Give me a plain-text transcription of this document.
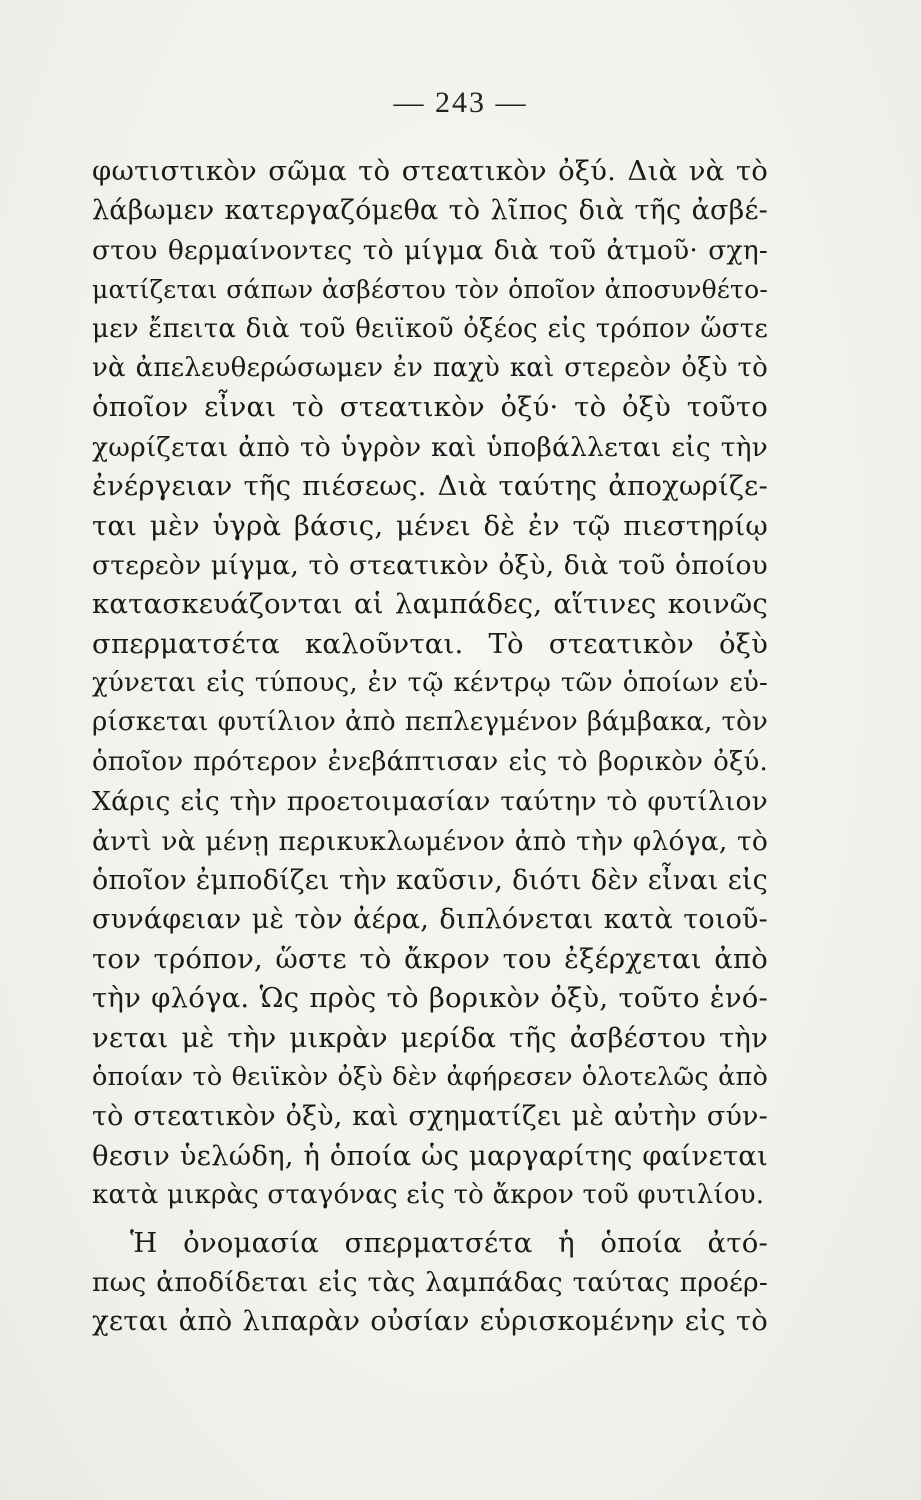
— 243 —
φωτιστικὸν σῶμα τὸ στεατικὸν ὀξύ. Διὰ νὰ τὸ
λάβωμεν κατεργαζόμεθα τὸ λῖπος διὰ τῆς ἀσβέ-
στου θερμαίνοντες τὸ μίγμα διὰ τοῦ ἀτμοῦ· σχη-
ματίζεται σάπων ἀσβέστου τὸν ὁποῖον ἀποσυνθέτο-
μεν ἔπειτα διὰ τοῦ θειϊκοῦ ὀξέος εἰς τρόπον ὥστε
νὰ ἀπελευθερώσωμεν ἐν παχὺ καὶ στερεὸν ὀξὺ τὸ
ὁποῖον εἶναι τὸ στεατικὸν ὀξύ· τὸ ὀξὺ τοῦτο
χωρίζεται ἀπὸ τὸ ὑγρὸν καὶ ὑποβάλλεται εἰς τὴν
ἐνέργειαν τῆς πιέσεως. Διὰ ταύτης ἀποχωρίζε-
ται μὲν ὑγρὰ βάσις, μένει δὲ ἐν τῷ πιεστηρίῳ
στερεὸν μίγμα, τὸ στεατικὸν ὀξὺ, διὰ τοῦ ὁποίου
κατασκευάζονται αἱ λαμπάδες, αἵτινες κοινῶς
σπερματσέτα καλοῦνται. Τὸ στεατικὸν ὀξὺ
χύνεται εἰς τύπους, ἐν τῷ κέντρῳ τῶν ὁποίων εὑ-
ρίσκεται φυτίλιον ἀπὸ πεπλεγμένον βάμβακα, τὸν
ὁποῖον πρότερον ἐνεβάπτισαν εἰς τὸ βορικὸν ὀξύ.
Χάρις εἰς τὴν προετοιμασίαν ταύτην τὸ φυτίλιον
ἀντὶ νὰ μένῃ περικυκλωμένον ἀπὸ τὴν φλόγα, τὸ
ὁποῖον ἐμποδίζει τὴν καῦσιν, διότι δὲν εἶναι εἰς
συνάφειαν μὲ τὸν ἀέρα, διπλόνεται κατὰ τοιοῦ-
τον τρόπον, ὥστε τὸ ἄκρον του ἐξέρχεται ἀπὸ
τὴν φλόγα. Ὡς πρὸς τὸ βορικὸν ὀξὺ, τοῦτο ἑνό-
νεται μὲ τὴν μικρὰν μερίδα τῆς ἀσβέστου τὴν
ὁποίαν τὸ θειϊκὸν ὀξὺ δὲν ἀφήρεσεν ὁλοτελῶς ἀπὸ
τὸ στεατικὸν ὀξὺ, καὶ σχηματίζει μὲ αὐτὴν σύν-
θεσιν ὑελώδη, ἡ ὁποία ὡς μαργαρίτης φαίνεται
κατὰ μικρὰς σταγόνας εἰς τὸ ἄκρον τοῦ φυτιλίου.
Ἡ ὀνομασία σπερματσέτα ἡ ὁποία ἀτό-
πως ἀποδίδεται εἰς τὰς λαμπάδας ταύτας προέρ-
χεται ἀπὸ λιπαρὰν οὐσίαν εὑρισκομένην εἰς τὸ
